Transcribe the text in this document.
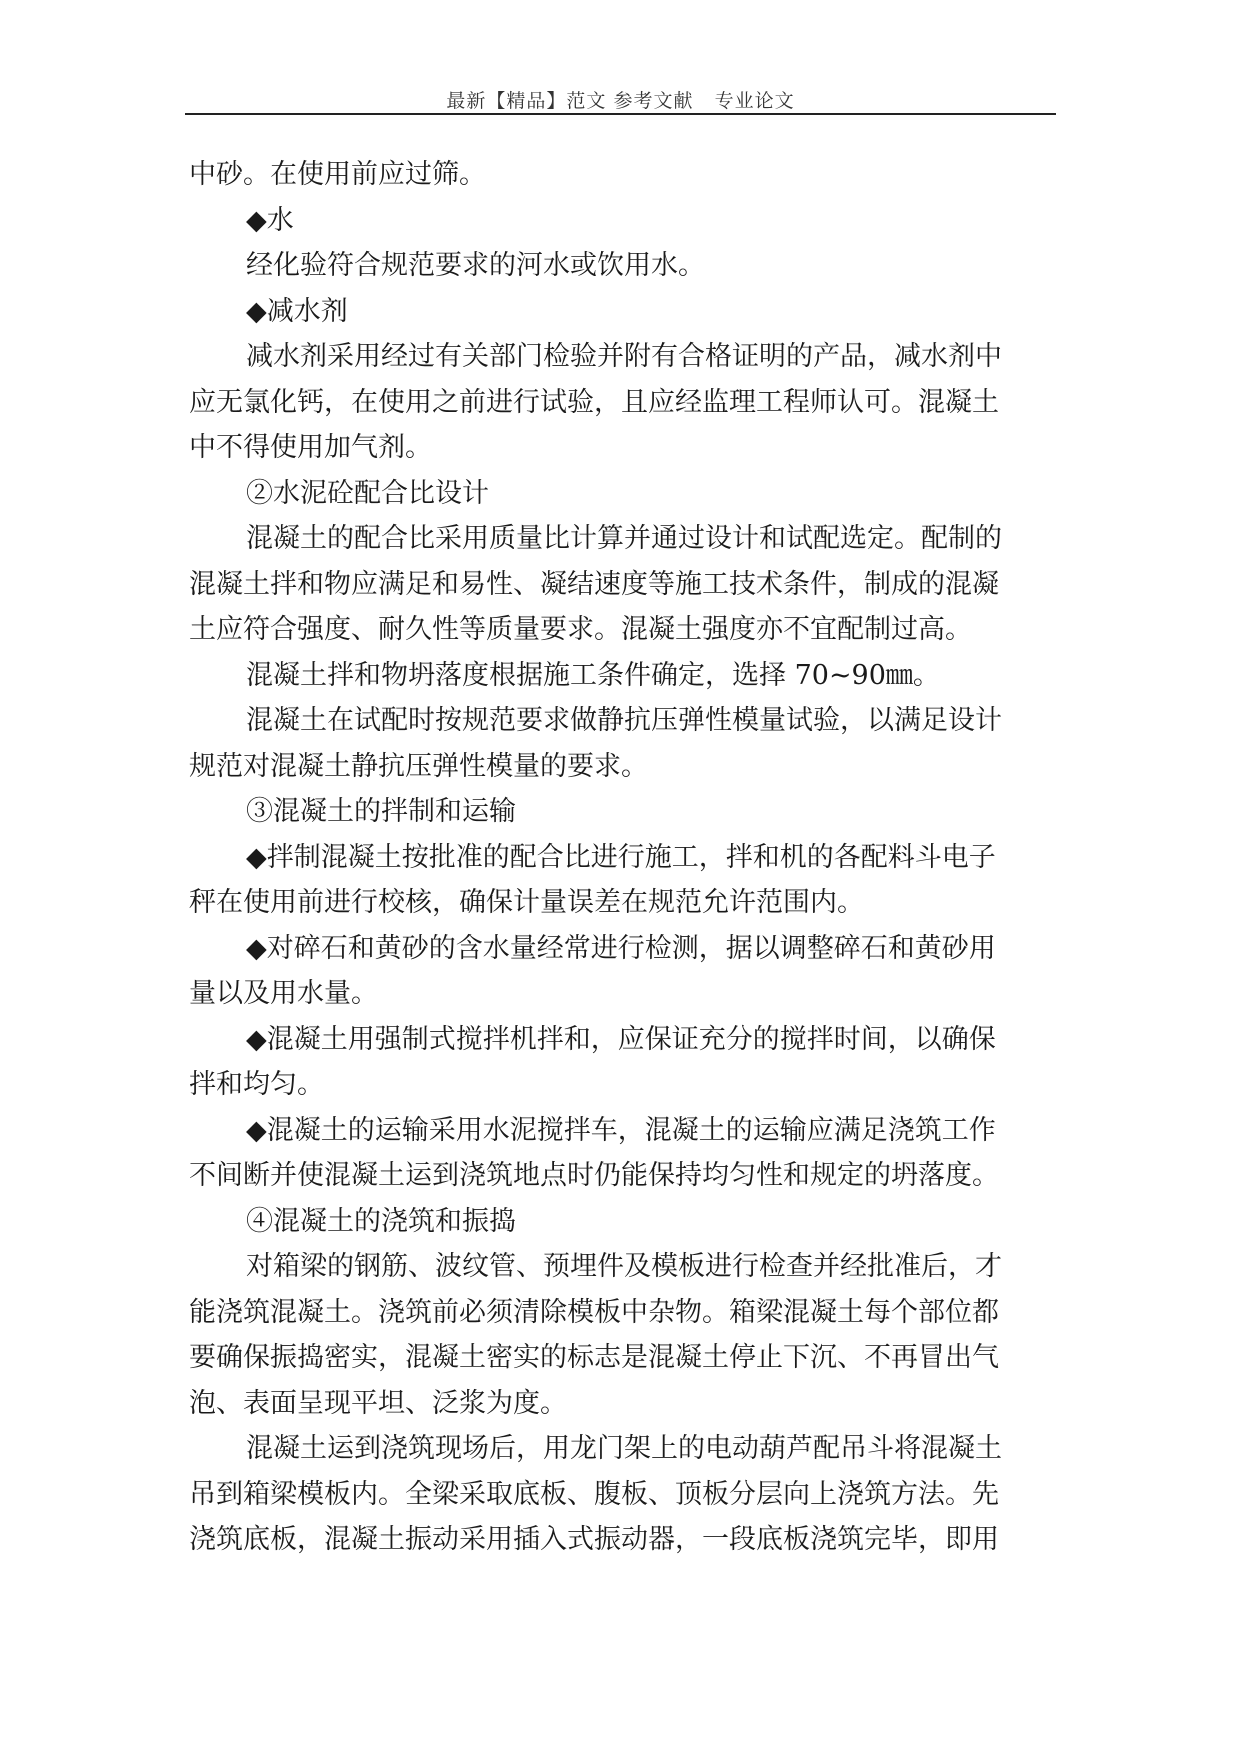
最新【精品】范文 参考文献   专业论文
中砂。在使用前应过筛。
◆水
经化验符合规范要求的河水或饮用水。
◆减水剂
减水剂采用经过有关部门检验并附有合格证明的产品，减水剂中
应无氯化钙，在使用之前进行试验，且应经监理工程师认可。混凝土
中不得使用加气剂。
②水泥砼配合比设计
混凝土的配合比采用质量比计算并通过设计和试配选定。配制的
混凝土拌和物应满足和易性、凝结速度等施工技术条件，制成的混凝
土应符合强度、耐久性等质量要求。混凝土强度亦不宜配制过高。
混凝土拌和物坍落度根据施工条件确定，选择 70~90㎜。
混凝土在试配时按规范要求做静抗压弹性模量试验，以满足设计
规范对混凝土静抗压弹性模量的要求。
③混凝土的拌制和运输
◆拌制混凝土按批准的配合比进行施工，拌和机的各配料斗电子
秤在使用前进行校核，确保计量误差在规范允许范围内。
◆对碎石和黄砂的含水量经常进行检测，据以调整碎石和黄砂用
量以及用水量。
◆混凝土用强制式搅拌机拌和，应保证充分的搅拌时间，以确保
拌和均匀。
◆混凝土的运输采用水泥搅拌车，混凝土的运输应满足浇筑工作
不间断并使混凝土运到浇筑地点时仍能保持均匀性和规定的坍落度。
④混凝土的浇筑和振捣
对箱梁的钢筋、波纹管、预埋件及模板进行检查并经批准后，才
能浇筑混凝土。浇筑前必须清除模板中杂物。箱梁混凝土每个部位都
要确保振捣密实，混凝土密实的标志是混凝土停止下沉、不再冒出气
泡、表面呈现平坦、泛浆为度。
混凝土运到浇筑现场后，用龙门架上的电动葫芦配吊斗将混凝土
吊到箱梁模板内。全梁采取底板、腹板、顶板分层向上浇筑方法。先
浇筑底板，混凝土振动采用插入式振动器，一段底板浇筑完毕，即用
